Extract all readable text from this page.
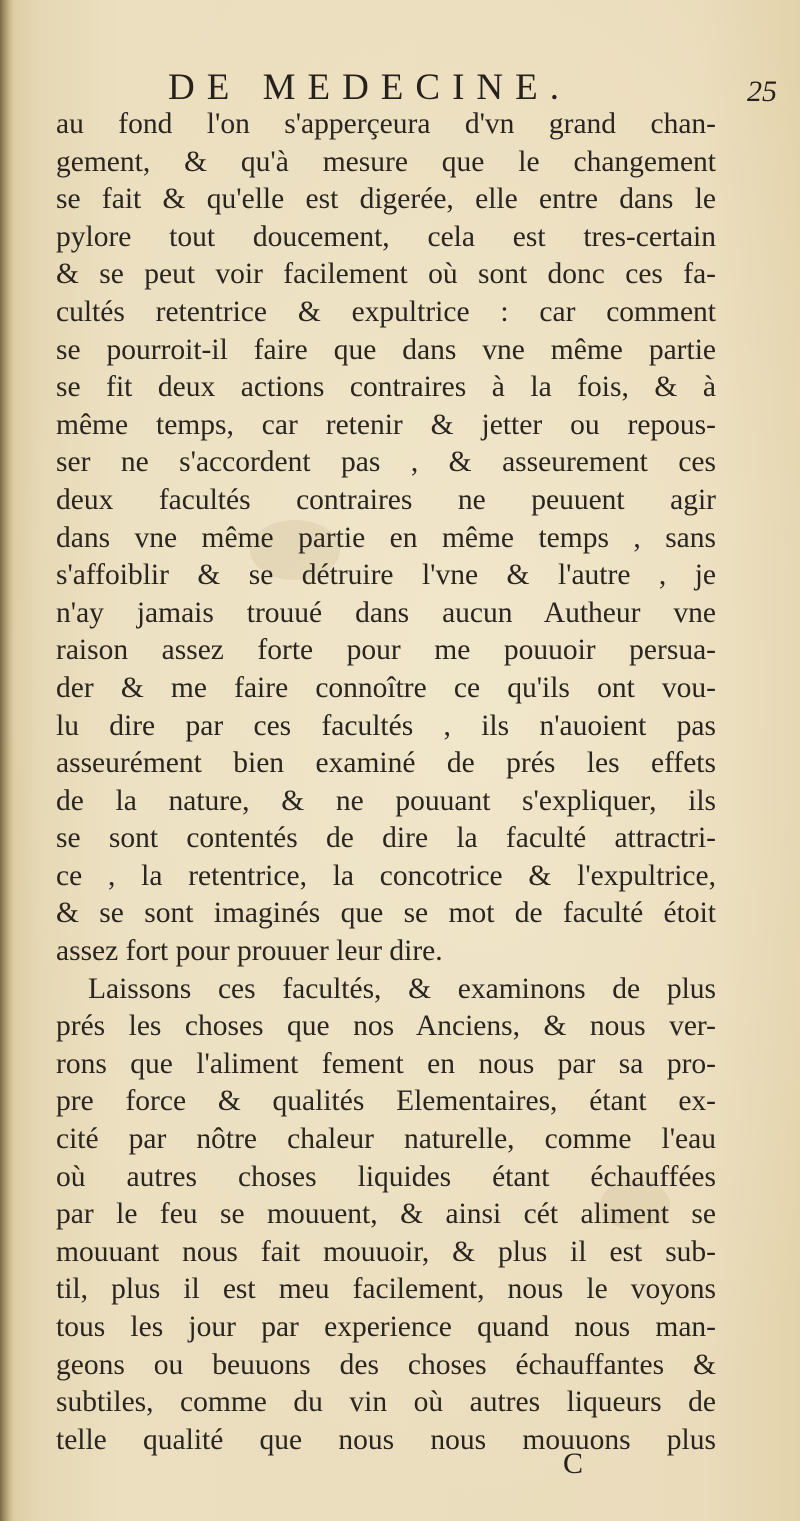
DE MEDECINE.	25
au fond l'on s'apperçeura d'vn grand chan-
gement, & qu'à mesure que le changement
se fait & qu'elle est digerée, elle entre dans le
pylore tout doucement, cela est tres-certain
& se peut voir facilement où sont donc ces fa-
cultés retentrice & expultrice : car comment
se pourroit-il faire que dans vne même partie
se fit deux actions contraires à la fois, & à
même temps, car retenir & jetter ou repous-
ser ne s'accordent pas , & asseurement ces
deux facultés contraires ne peuuent agir
dans vne même partie en même temps , sans
s'affoiblir & se détruire l'vne & l'autre , je
n'ay jamais trouué dans aucun Autheur vne
raison assez forte pour me pouuoir persua-
der & me faire connoître ce qu'ils ont vou-
lu dire par ces facultés , ils n'auoient pas
asseurément bien examiné de prés les effets
de la nature, & ne pouuant s'expliquer, ils
se sont contentés de dire la faculté attractri-
ce , la retentrice, la concotrice & l'expultrice,
& se sont imaginés que se mot de faculté étoit
assez fort pour prouuer leur dire.
Laissons ces facultés, & examinons de plus
prés les choses que nos Anciens, & nous ver-
rons que l'aliment fement en nous par sa pro-
pre force & qualités Elementaires, étant ex-
cité par nôtre chaleur naturelle, comme l'eau
où autres choses liquides étant échauffées
par le feu se mouuent, & ainsi cét aliment se
mouuant nous fait mouuoir, & plus il est sub-
til, plus il est meu facilement, nous le voyons
tous les jour par experience quand nous man-
geons ou beuuons des choses échauffantes &
subtiles, comme du vin où autres liqueurs de
telle qualité que nous nous mouuons plus
C
